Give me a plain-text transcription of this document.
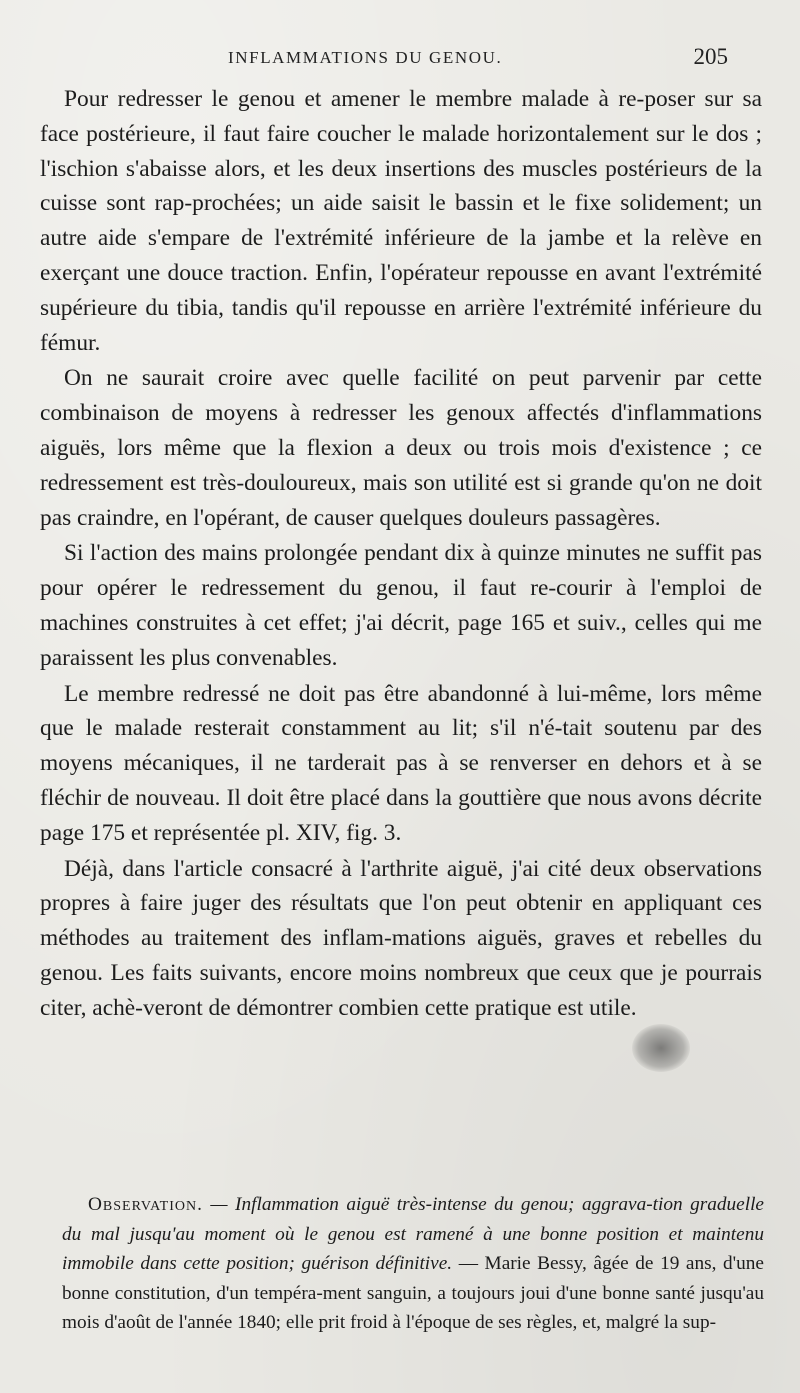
INFLAMMATIONS DU GENOU.	205

Pour redresser le genou et amener le membre malade à re-poser sur sa face postérieure, il faut faire coucher le malade horizontalement sur le dos ; l'ischion s'abaisse alors, et les deux insertions des muscles postérieurs de la cuisse sont rap-prochées; un aide saisit le bassin et le fixe solidement; un autre aide s'empare de l'extrémité inférieure de la jambe et la relève en exerçant une douce traction. Enfin, l'opérateur repousse en avant l'extrémité supérieure du tibia, tandis qu'il repousse en arrière l'extrémité inférieure du fémur.

On ne saurait croire avec quelle facilité on peut parvenir par cette combinaison de moyens à redresser les genoux affectés d'inflammations aiguës, lors même que la flexion a deux ou trois mois d'existence ; ce redressement est très-douloureux, mais son utilité est si grande qu'on ne doit pas craindre, en l'opérant, de causer quelques douleurs passagères.

Si l'action des mains prolongée pendant dix à quinze minutes ne suffit pas pour opérer le redressement du genou, il faut re-courir à l'emploi de machines construites à cet effet; j'ai décrit, page 165 et suiv., celles qui me paraissent les plus convenables.

Le membre redressé ne doit pas être abandonné à lui-même, lors même que le malade resterait constamment au lit; s'il n'é-tait soutenu par des moyens mécaniques, il ne tarderait pas à se renverser en dehors et à se fléchir de nouveau. Il doit être placé dans la gouttière que nous avons décrite page 175 et représentée pl. XIV, fig. 3.

Déjà, dans l'article consacré à l'arthrite aiguë, j'ai cité deux observations propres à faire juger des résultats que l'on peut obtenir en appliquant ces méthodes au traitement des inflam-mations aiguës, graves et rebelles du genou. Les faits suivants, encore moins nombreux que ceux que je pourrais citer, achè-veront de démontrer combien cette pratique est utile.

Observation. — Inflammation aiguë très-intense du genou; aggrava-tion graduelle du mal jusqu'au moment où le genou est ramené à une bonne position et maintenu immobile dans cette position; guérison définitive. — Marie Bessy, âgée de 19 ans, d'une bonne constitution, d'un tempéra-ment sanguin, a toujours joui d'une bonne santé jusqu'au mois d'août de l'année 1840; elle prit froid à l'époque de ses règles, et, malgré la sup-
